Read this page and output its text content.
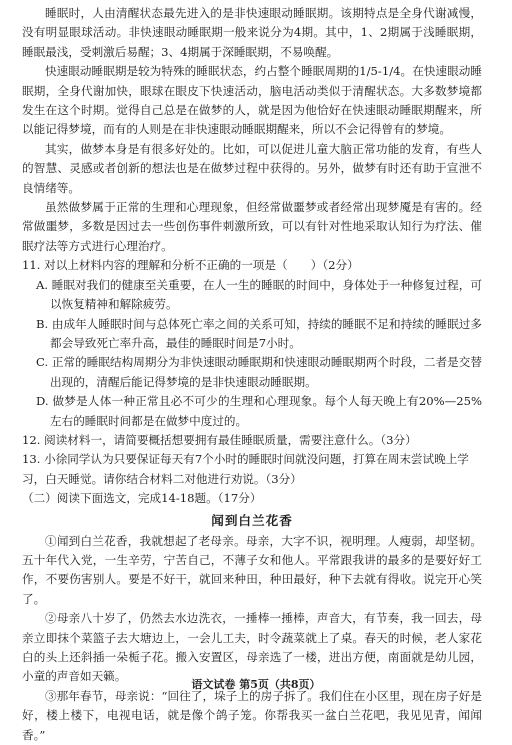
睡眠时，人由清醒状态最先进入的是非快速眼动睡眠期。该期特点是全身代谢减慢，没有明显眼球活动。非快速眼动睡眠期一般来说分为4期。其中，1、2期属于浅睡眠期，睡眠最浅，受刺激后易醒；3、4期属于深睡眠期，不易唤醒。

快速眼动睡眠期是较为特殊的睡眠状态，约占整个睡眠周期的1/5-1/4。在快速眼动睡眠期，全身代谢加快，眼球在眼皮下快速活动，脑电活动类似于清醒状态。大多数梦境都发生在这个时期。觉得自己总是在做梦的人，就是因为他恰好在快速眼动睡眠期醒来，所以能记得梦境，而有的人则是在非快速眼动睡眠期醒来，所以不会记得曾有的梦境。

其实，做梦本身是有很多好处的。比如，可以促进儿童大脑正常功能的发育，有些人的智慧、灵感或者创新的想法也是在做梦过程中获得的。另外，做梦有时还有助于宣泄不良情绪等。

虽然做梦属于正常的生理和心理现象，但经常做噩梦或者经常出现梦魇是有害的。经常做噩梦，多数是因过去一些创伤事件刺激所致，可以有针对性地采取认知行为疗法、催眠疗法等方式进行心理治疗。

11. 对以上材料内容的理解和分析不正确的一项是（　　）（2分）

A. 睡眠对我们的健康至关重要，在人一生的睡眠的时间中，身体处于一种修复过程，可以恢复精神和解除疲劳。

B. 由成年人睡眠时间与总体死亡率之间的关系可知，持续的睡眠不足和持续的睡眠过多都会导致死亡率升高，最佳的睡眠时间是7小时。

C. 正常的睡眠结构周期分为非快速眼动睡眠期和快速眼动睡眠期两个时段，二者是交替出现的，清醒后能记得梦境的是非快速眼动睡眠期。

D. 做梦是人体一种正常且必不可少的生理和心理现象。每个人每天晚上有20%—25%左右的睡眠时间都是在做梦中度过的。

12. 阅读材料一，请简要概括想要拥有最佳睡眠质量，需要注意什么。（3分）

13. 小徐同学认为只要保证每天有7个小时的睡眠时间就没问题，打算在周末尝试晚上学习，白天睡觉。请你结合材料二对他进行劝说。（3分）

（二）阅读下面选文，完成14-18题。（17分）

闻到白兰花香

①闻到白兰花香，我就想起了老母亲。母亲，大字不识，视明理。人瘦弱，却坚韧。五十年代入党，一生辛劳，宁苦自己，不薄子女和他人。平常跟我讲的最多的是要好好工作，不要伤害别人。要是不好干，就回来种田，种田最好，种下去就有得收。说完开心笑了。

②母亲八十岁了，仍然去水边洗衣，一捶棒一捶棒，声音大，有节奏，我一回去，母亲立即抹个菜篮子去大塘边上，一会儿工夫，时令蔬菜就上了桌。春天的时候，老人家花白的头上还斜插一朵栀子花。搬入安置区，母亲选了一楼，进出方便，南面就是幼儿园，小童的声音如天籁。

③那年春节，母亲说：“回往了，垛子上的房子拆了。我们住在小区里，现在房子好是好，楼上楼下，电视电话，就是像个鸽子笼。你帮我买一盆白兰花吧，我见见青，闻闻香。”

语文试卷 第5页（共8页）
